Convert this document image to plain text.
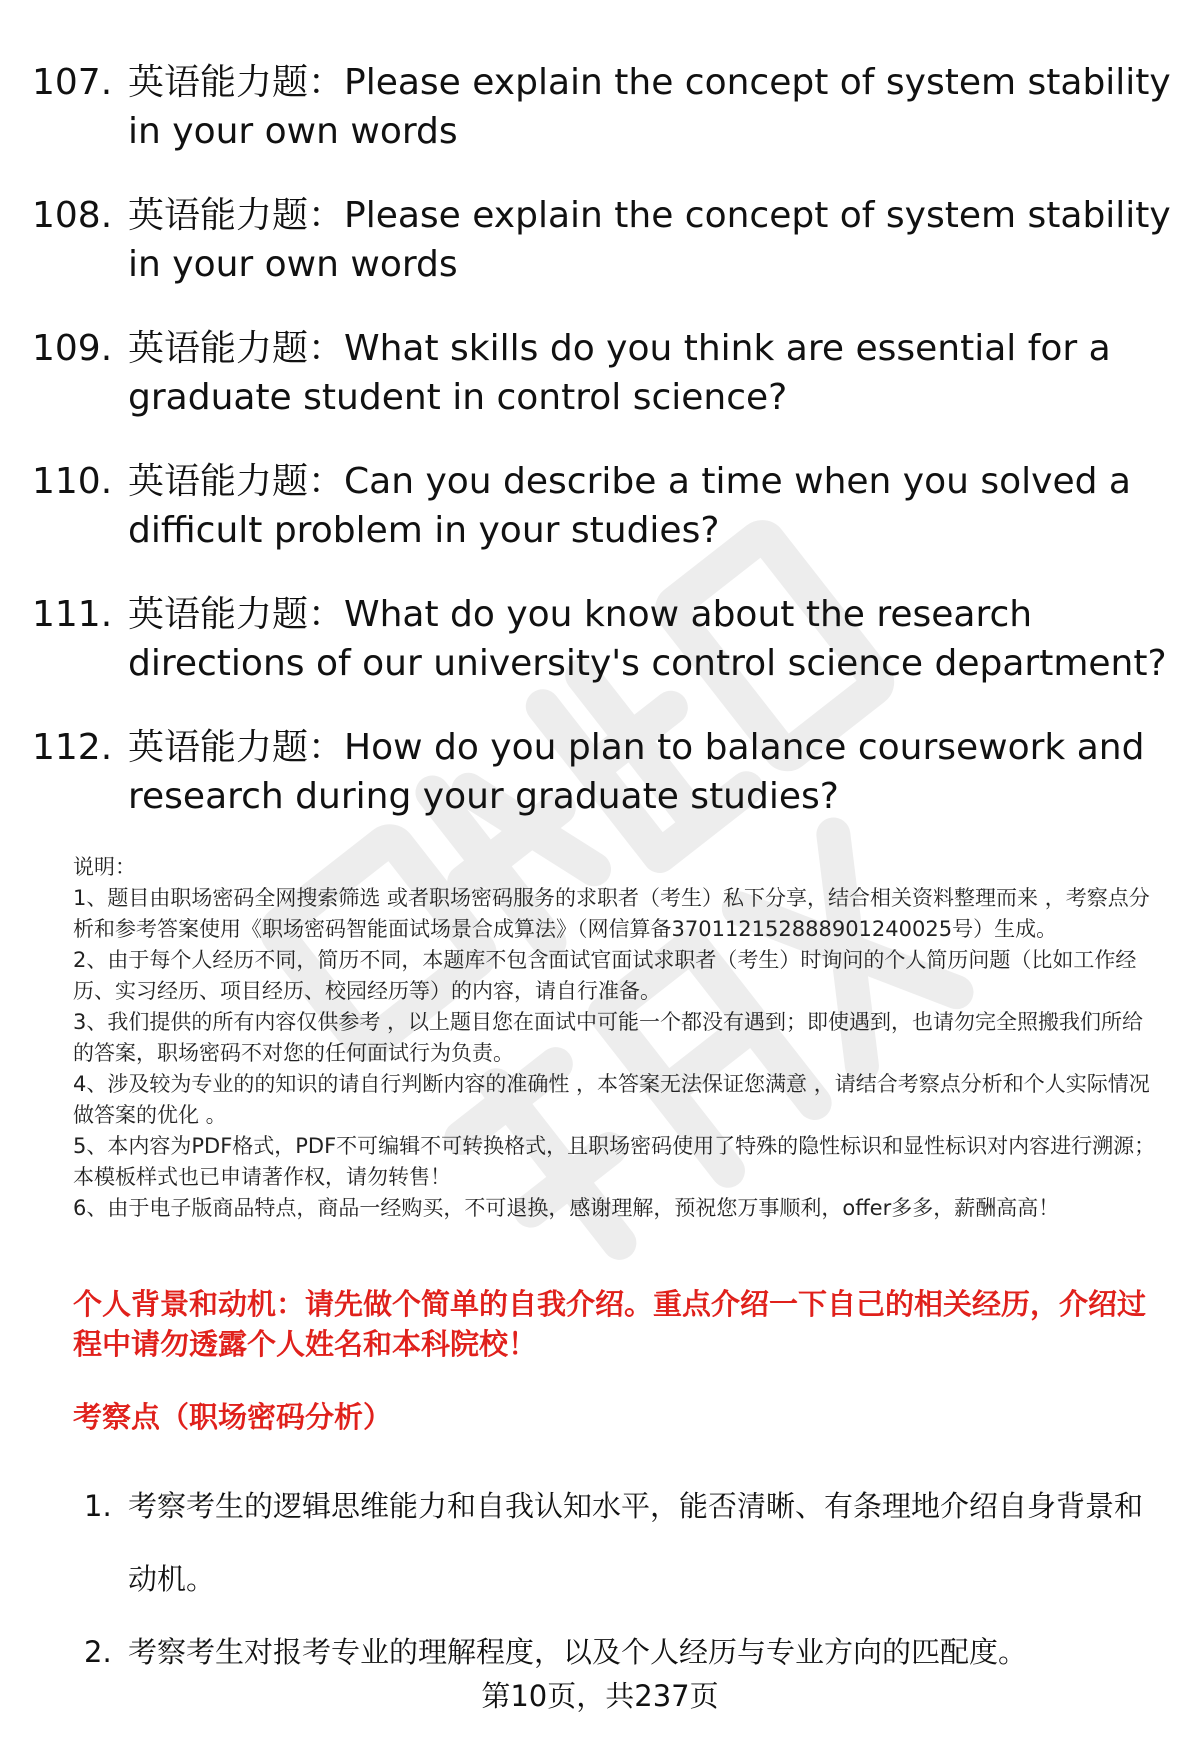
107. 英语能力题：Please explain the concept of system stability in your own words
108. 英语能力题：Please explain the concept of system stability in your own words
109. 英语能力题：What skills do you think are essential for a graduate student in control science?
110. 英语能力题：Can you describe a time when you solved a difficult problem in your studies?
111. 英语能力题：What do you know about the research directions of our university's control science department?
112. 英语能力题：How do you plan to balance coursework and research during your graduate studies?

说明：

1、题目由职场密码全网搜索筛选 或者职场密码服务的求职者（考生）私下分享，结合相关资料整理而来 ，考察点分析和参考答案使用《职场密码智能面试场景合成算法》（网信算备370112152888901240025号）生成。

2、由于每个人经历不同，简历不同，本题库不包含面试官面试求职者（考生）时询问的个人简历问题（比如工作经历、实习经历、项目经历、校园经历等）的内容，请自行准备。

3、我们提供的所有内容仅供参考 ，以上题目您在面试中可能一个都没有遇到；即使遇到，也请勿完全照搬我们所给的答案，职场密码不对您的任何面试行为负责。

4、涉及较为专业的的知识的请自行判断内容的准确性 ，本答案无法保证您满意 ，请结合考察点分析和个人实际情况做答案的优化 。

5、本内容为PDF格式，PDF不可编辑不可转换格式，且职场密码使用了特殊的隐性标识和显性标识对内容进行溯源；本模板样式也已申请著作权，请勿转售！

6、由于电子版商品特点，商品一经购买，不可退换，感谢理解，预祝您万事顺利，offer多多，薪酬高高！

个人背景和动机：请先做个简单的自我介绍。重点介绍一下自己的相关经历，介绍过程中请勿透露个人姓名和本科院校！
考察点（职场密码分析）
1. 考察考生的逻辑思维能力和自我认知水平，能否清晰、有条理地介绍自身背景和动机。
2. 考察考生对报考专业的理解程度，以及个人经历与专业方向的匹配度。
第10页，共237页
